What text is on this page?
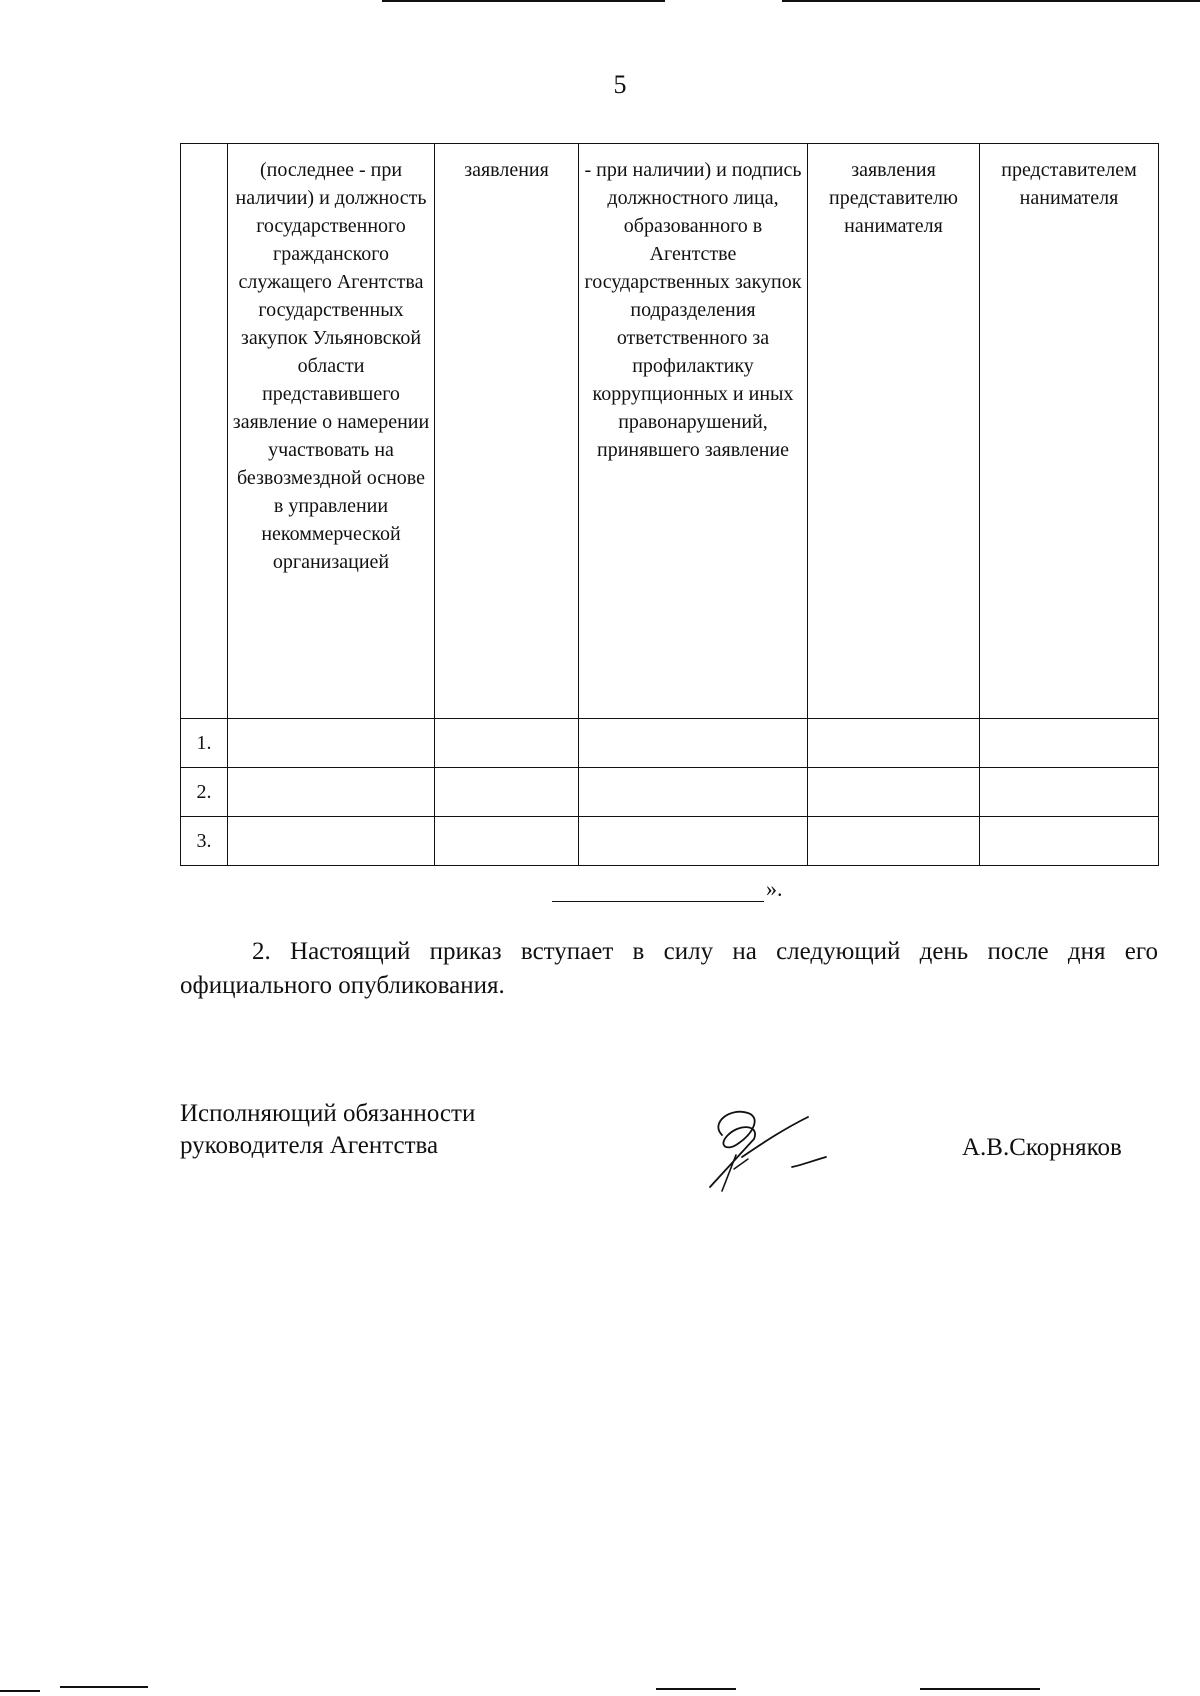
5
	(последнее - при наличии) и должность государственного гражданского служащего Агентства государственных закупок Ульяновской области представившего заявление о намерении участвовать на безвозмездной основе в управлении некоммерческой организацией	заявления	- при наличии) и подпись должностного лица, образованного в Агентстве государственных закупок подразделения ответственного за профилактику коррупционных и иных правонарушений, принявшего заявление	заявления представителю нанимателя	представителем нанимателя
1.					
2.					
3.					
».
2. Настоящий приказ вступает в силу на следующий день после дня его официального опубликования.
Исполняющий обязанности
руководителя Агентства	А.В.Скорняков
